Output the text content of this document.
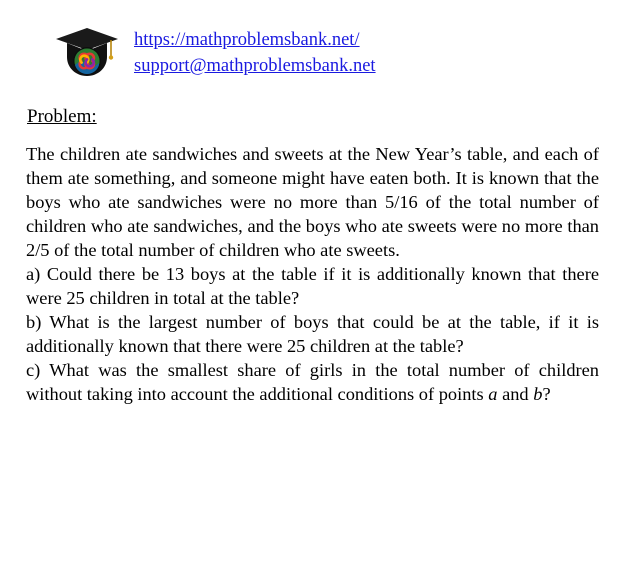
https://mathproblemsbank.net/
support@mathproblemsbank.net
Problem:
The children ate sandwiches and sweets at the New Year’s table, and each of them ate something, and someone might have eaten both. It is known that the boys who ate sandwiches were no more than 5/16 of the total number of children who ate sandwiches, and the boys who ate sweets were no more than 2/5 of the total number of children who ate sweets.
a) Could there be 13 boys at the table if it is additionally known that there were 25 children in total at the table?
b) What is the largest number of boys that could be at the table, if it is additionally known that there were 25 children at the table?
c) What was the smallest share of girls in the total number of children without taking into account the additional conditions of points a and b?
